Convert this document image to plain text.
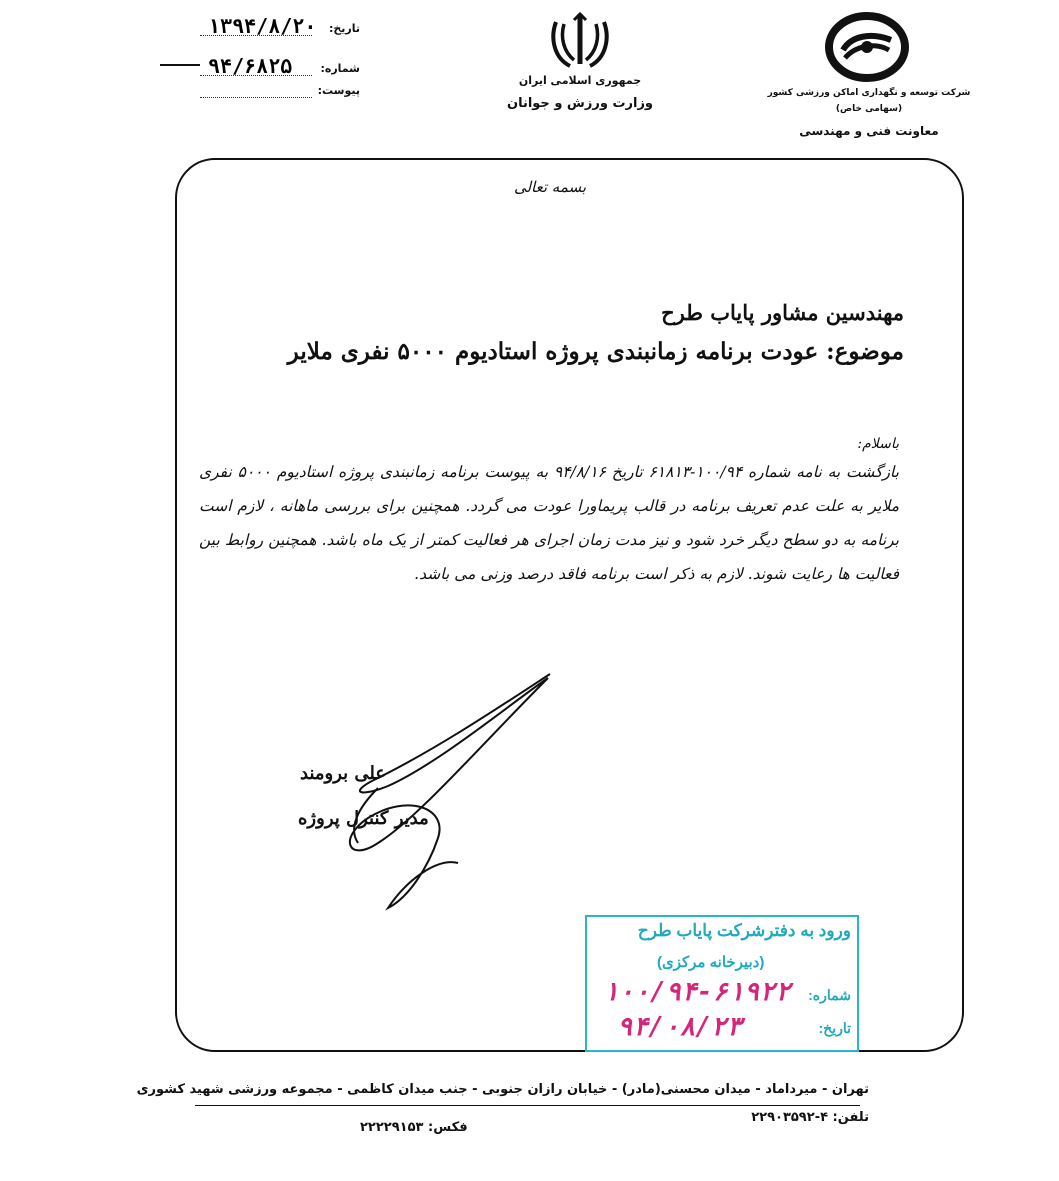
تاریخ:
۱۳۹۴/۸/۲۰
شماره:
۹۴/۶۸۲۵
پیوست:
جمهوری اسلامی ایران
وزارت ورزش و جوانان
شرکت توسعه و نگهداری اماکن ورزشی کشور
(سهامی خاص)
معاونت فنی و مهندسی
بسمه تعالی
مهندسین مشاور پایاب طرح
موضوع: عودت برنامه زمانبندی پروژه استادیوم ۵۰۰۰ نفری ملایر
باسلام:
بازگشت به نامه شماره ۱۰۰/۹۴-۶۱۸۱۳ تاریخ ۹۴/۸/۱۶ به پیوست برنامه زمانبندی پروژه استادیوم ۵۰۰۰ نفری ملایر به علت عدم تعریف برنامه در قالب پریماورا عودت می گردد. همچنین برای بررسی ماهانه ، لازم است برنامه به دو سطح دیگر خرد شود و نیز مدت زمان اجرای هر فعالیت کمتر از یک ماه باشد. همچنین روابط بین فعالیت ها رعایت شوند. لازم به ذکر است برنامه فاقد درصد وزنی می باشد.
علی برومند
مدیر کنترل پروژه
ورود به دفترشرکت پایاب طرح
(دبیرخانه مرکزی)
شماره:
۱۰۰/۹۴-۶۱۹۲۲
تاریخ:
۹۴/۰۸/۲۳
تهران - میرداماد - میدان محسنی(مادر) - خیابان رازان جنوبی - جنب میدان کاظمی - مجموعه ورزشی شهید کشوری
تلفن: ۴-۲۲۹۰۳۵۹۲
فکس: ۲۲۲۲۹۱۵۳
